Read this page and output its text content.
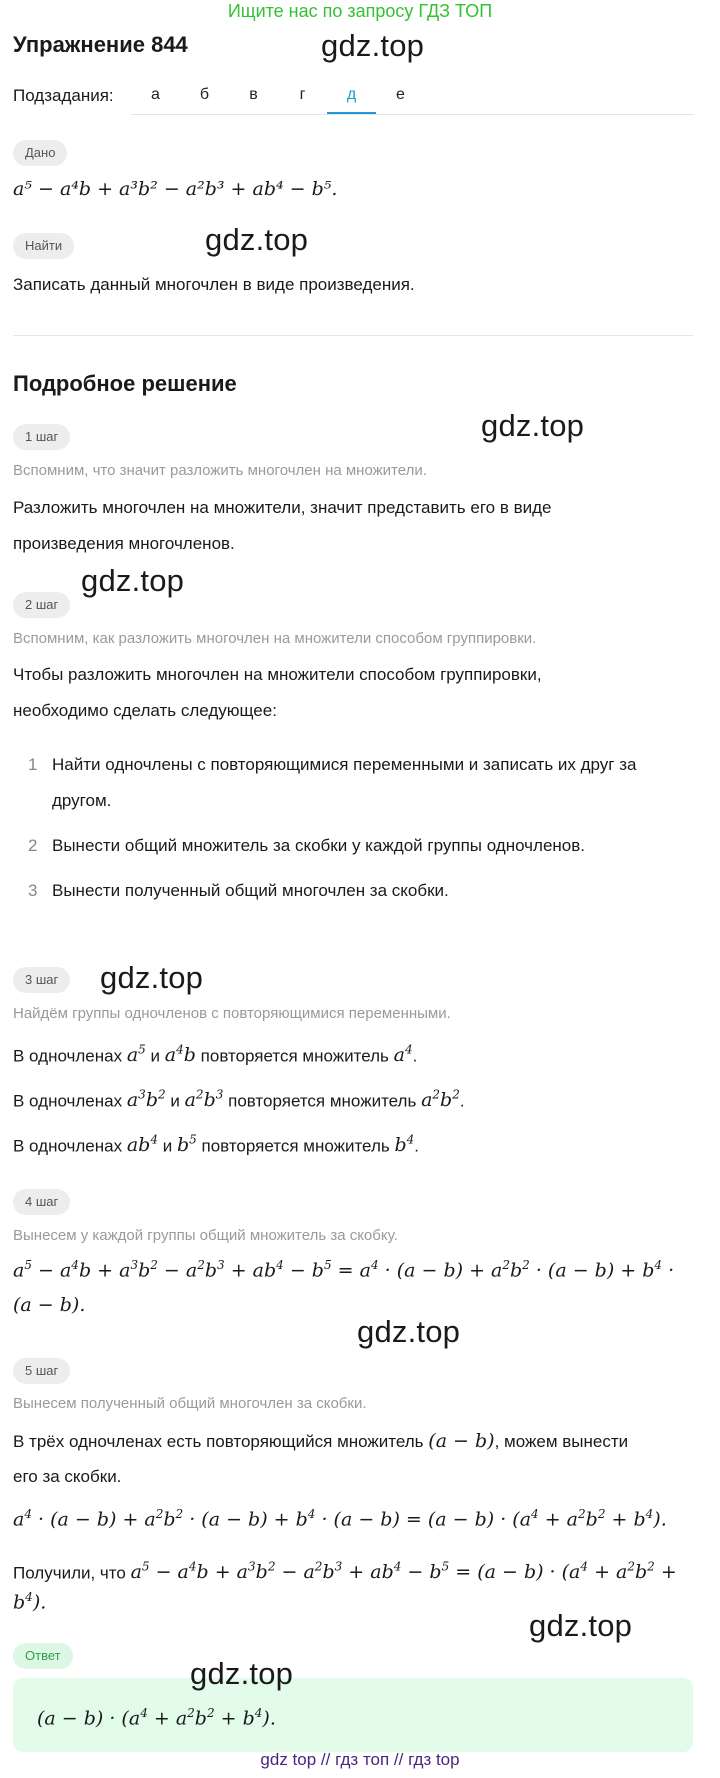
Ищите нас по запросу ГДЗ ТОП
Упражнение 844	gdz.top
Подзадания:	а	б	в	г	д	е
Дано
a⁵ − a⁴b + a³b² − a²b³ + ab⁴ − b⁵.
Найти	gdz.top
Записать данный многочлен в виде произведения.
Подробное решение
1 шаг	gdz.top
Вспомним, что значит разложить многочлен на множители.
Разложить многочлен на множители, значит представить его в виде
произведения многочленов.
gdz.top
2 шаг
Вспомним, как разложить многочлен на множители способом группировки.
Чтобы разложить многочлен на множители способом группировки,
необходимо сделать следующее:
1 Найти одночлены с повторяющимися переменными и записать их друг за
другом.
2 Вынести общий множитель за скобки у каждой группы одночленов.
3 Вынести полученный общий многочлен за скобки.
3 шаг	gdz.top
Найдём группы одночленов с повторяющимися переменными.
В одночленах $a^5$ и $a^4b$ повторяется множитель $a^4$.
В одночленах $a^3b^2$ и $a^2b^3$ повторяется множитель $a^2b^2$.
В одночленах $ab^4$ и $b^5$ повторяется множитель $b^4$.
4 шаг
Вынесем у каждой группы общий множитель за скобку.
$a^5 - a^4b + a^3b^2 - a^2b^3 + ab^4 - b^5 = a^4 \cdot (a - b) + a^2b^2 \cdot (a - b) + b^4$ ·
(a − b).
gdz.top
5 шаг
Вынесем полученный общий многочлен за скобки.
В трёх одночленах есть повторяющийся множитель (a − b), можем вынести
его за скобки.
$a^4 \cdot (a - b) + a^2b^2 \cdot (a - b) + b^4 \cdot (a - b) = (a - b) \cdot (a^4 + a^2b^2 + b^4)$.
Получили, что $a^5 - a^4b + a^3b^2 - a^2b^3 + ab^4 - b^5 = (a - b) \cdot (a^4 + a^2b^2$ +
$b^4$).
gdz.top
Ответ
gdz.top
$(a - b) \cdot (a^4 + a^2b^2 + b^4)$.
gdz top // гдз топ // гдз top
